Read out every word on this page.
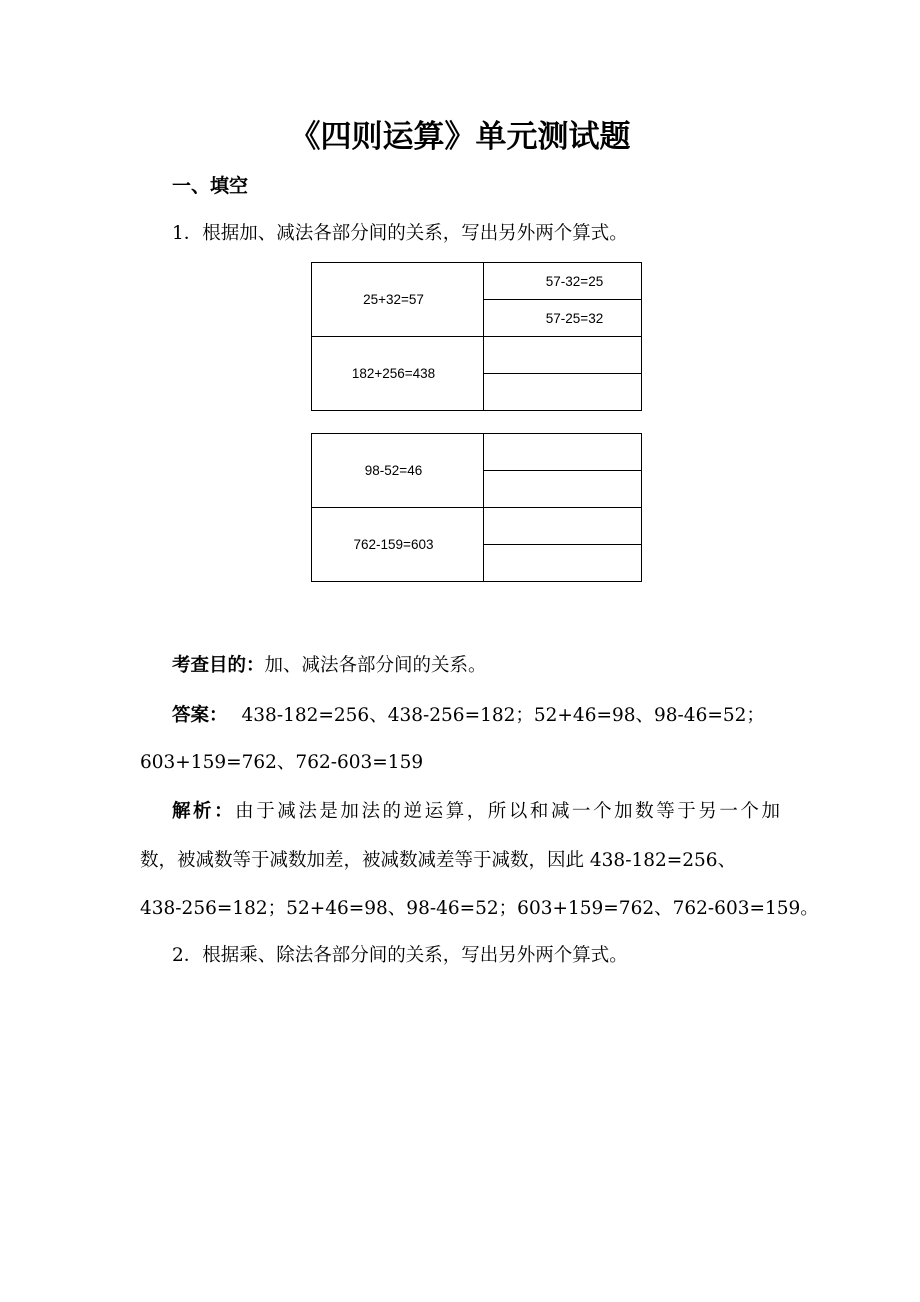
《四则运算》单元测试题
一、填空
1．根据加、减法各部分间的关系，写出另外两个算式。
25+32=57	57-32=25
	57-25=32
182+256=438	

98-52=46	

762-159=603	

考查目的：加、减法各部分间的关系。
答案： 438-182=256、438-256=182；52+46=98、98-46=52；
603+159=762、762-603=159
解析：由于减法是加法的逆运算，所以和减一个加数等于另一个加
数，被减数等于减数加差，被减数减差等于减数，因此 438-182=256、
438-256=182；52+46=98、98-46=52；603+159=762、762-603=159。
2．根据乘、除法各部分间的关系，写出另外两个算式。
